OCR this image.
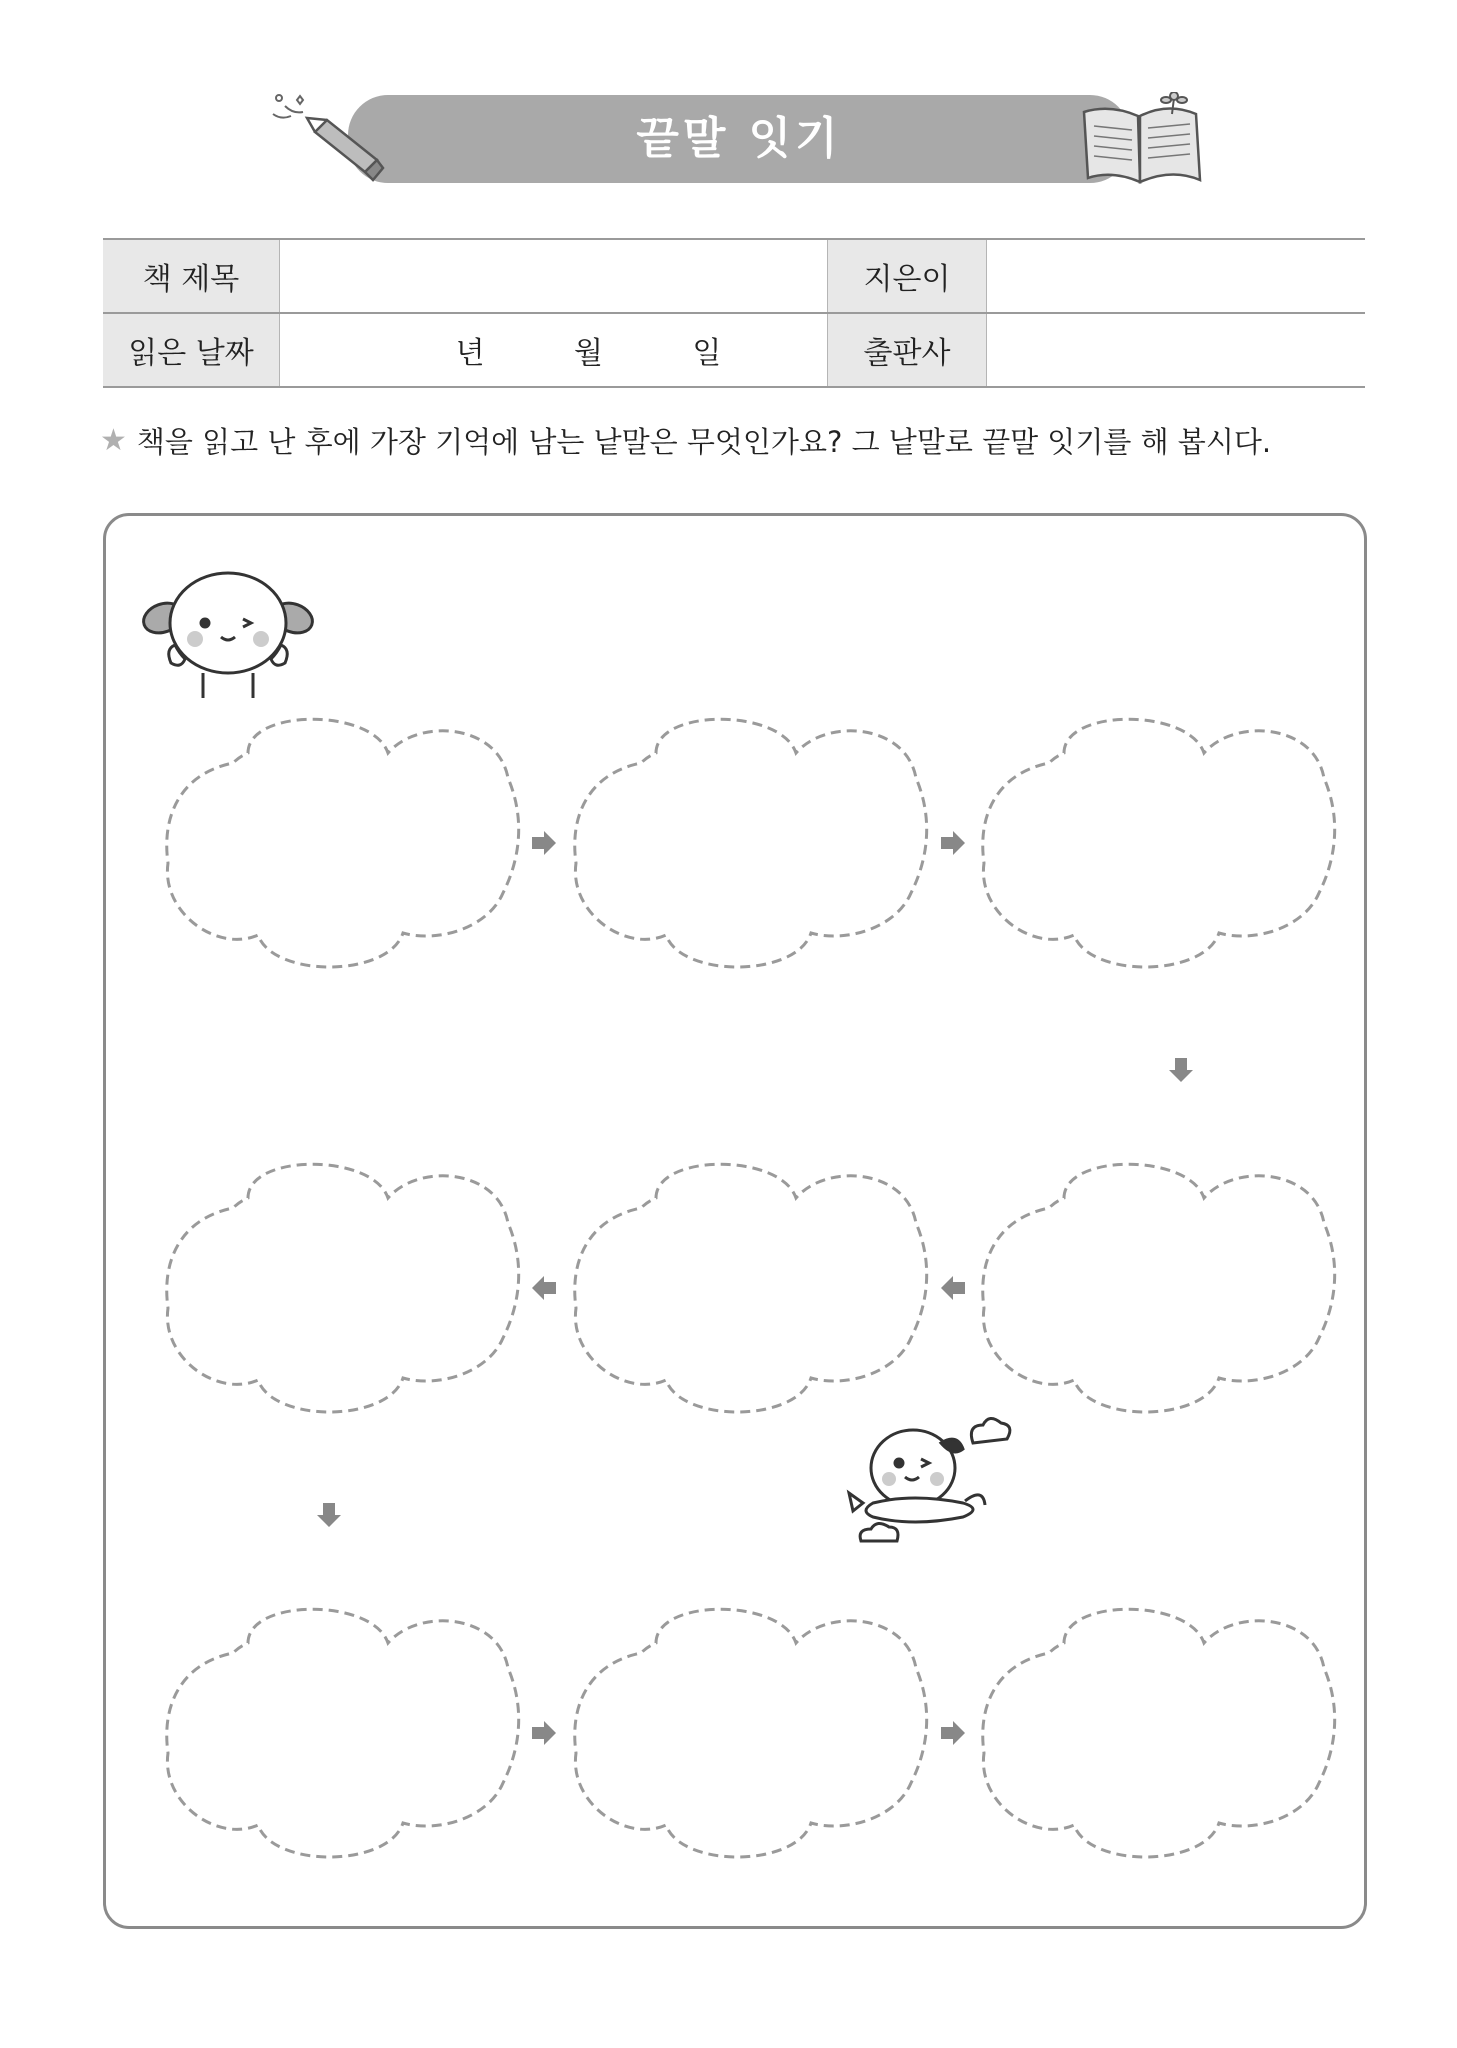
끝말 잇기
책 제목		지은이	
읽은 날짜	년 월 일	출판사	
★ 책을 읽고 난 후에 가장 기억에 남는 낱말은 무엇인가요? 그 낱말로 끝말 잇기를 해 봅시다.
